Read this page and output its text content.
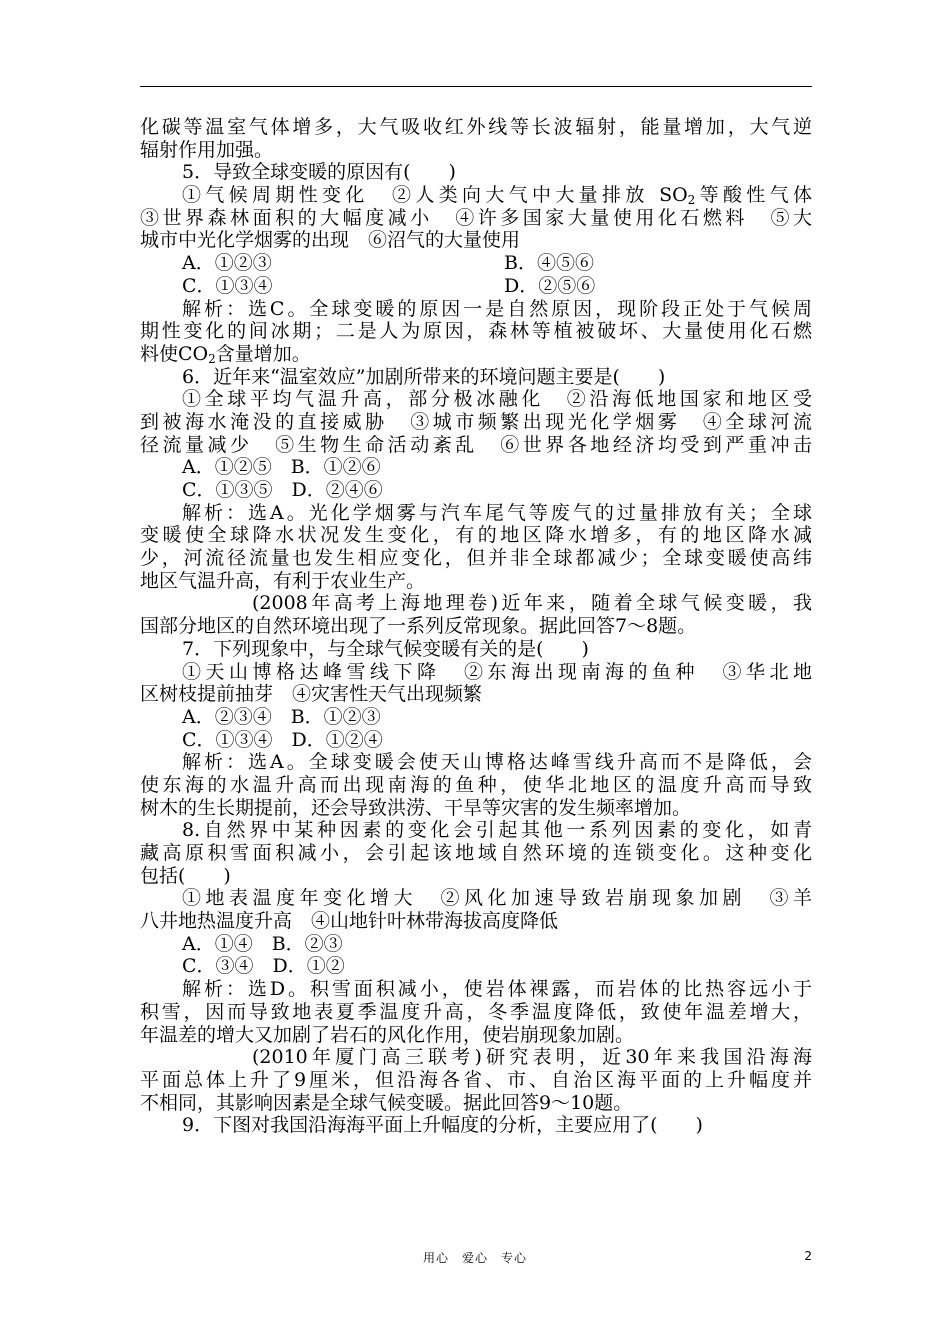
化碳等温室气体增多，大气吸收红外线等长波辐射，能量增加，大气逆
辐射作用加强。
5．导致全球变暖的原因有(　　)
①气候周期性变化　②人类向大气中大量排放 $SO_2$等酸性气体
③世界森林面积的大幅度减小　④许多国家大量使用化石燃料　⑤大
城市中光化学烟雾的出现　⑥沼气的大量使用
A．①②③	B．④⑤⑥
C．①③④	D．②⑤⑥
解析：选C。全球变暖的原因一是自然原因，现阶段正处于气候周
期性变化的间冰期；二是人为原因，森林等植被破坏、大量使用化石燃
料使$CO_2$含量增加。
6．近年来“温室效应”加剧所带来的环境问题主要是(　　)
①全球平均气温升高，部分极冰融化　②沿海低地国家和地区受
到被海水淹没的直接威胁　③城市频繁出现光化学烟雾　④全球河流
径流量减少　⑤生物生命活动紊乱　⑥世界各地经济均受到严重冲击
A．①②⑤　B．①②⑥
C．①③⑤　D．②④⑥
解析：选A。光化学烟雾与汽车尾气等废气的过量排放有关；全球
变暖使全球降水状况发生变化，有的地区降水增多，有的地区降水减
少，河流径流量也发生相应变化，但并非全球都减少；全球变暖使高纬
地区气温升高，有利于农业生产。
(2008年高考上海地理卷)近年来，随着全球气候变暖，我
国部分地区的自然环境出现了一系列反常现象。据此回答7～8题。
7．下列现象中，与全球气候变暖有关的是(　　)
①天山博格达峰雪线下降　②东海出现南海的鱼种　③华北地
区树枝提前抽芽　④灾害性天气出现频繁
A．②③④　B．①②③
C．①③④　D．①②④
解析：选A。全球变暖会使天山博格达峰雪线升高而不是降低，会
使东海的水温升高而出现南海的鱼种，使华北地区的温度升高而导致
树木的生长期提前，还会导致洪涝、干旱等灾害的发生频率增加。
8.自然界中某种因素的变化会引起其他一系列因素的变化，如青
藏高原积雪面积减小，会引起该地域自然环境的连锁变化。这种变化
包括(　　)
①地表温度年变化增大　②风化加速导致岩崩现象加剧　③羊
八井地热温度升高　④山地针叶林带海拔高度降低
A．①④　B．②③
C．③④　D．①②
解析：选D。积雪面积减小，使岩体裸露，而岩体的比热容远小于
积雪，因而导致地表夏季温度升高，冬季温度降低，致使年温差增大，
年温差的增大又加剧了岩石的风化作用，使岩崩现象加剧。
(2010年厦门高三联考)研究表明，近30年来我国沿海海
平面总体上升了9厘米，但沿海各省、市、自治区海平面的上升幅度并
不相同，其影响因素是全球气候变暖。据此回答9～10题。
9．下图对我国沿海海平面上升幅度的分析，主要应用了(　　)
用心　爱心　专心	2
